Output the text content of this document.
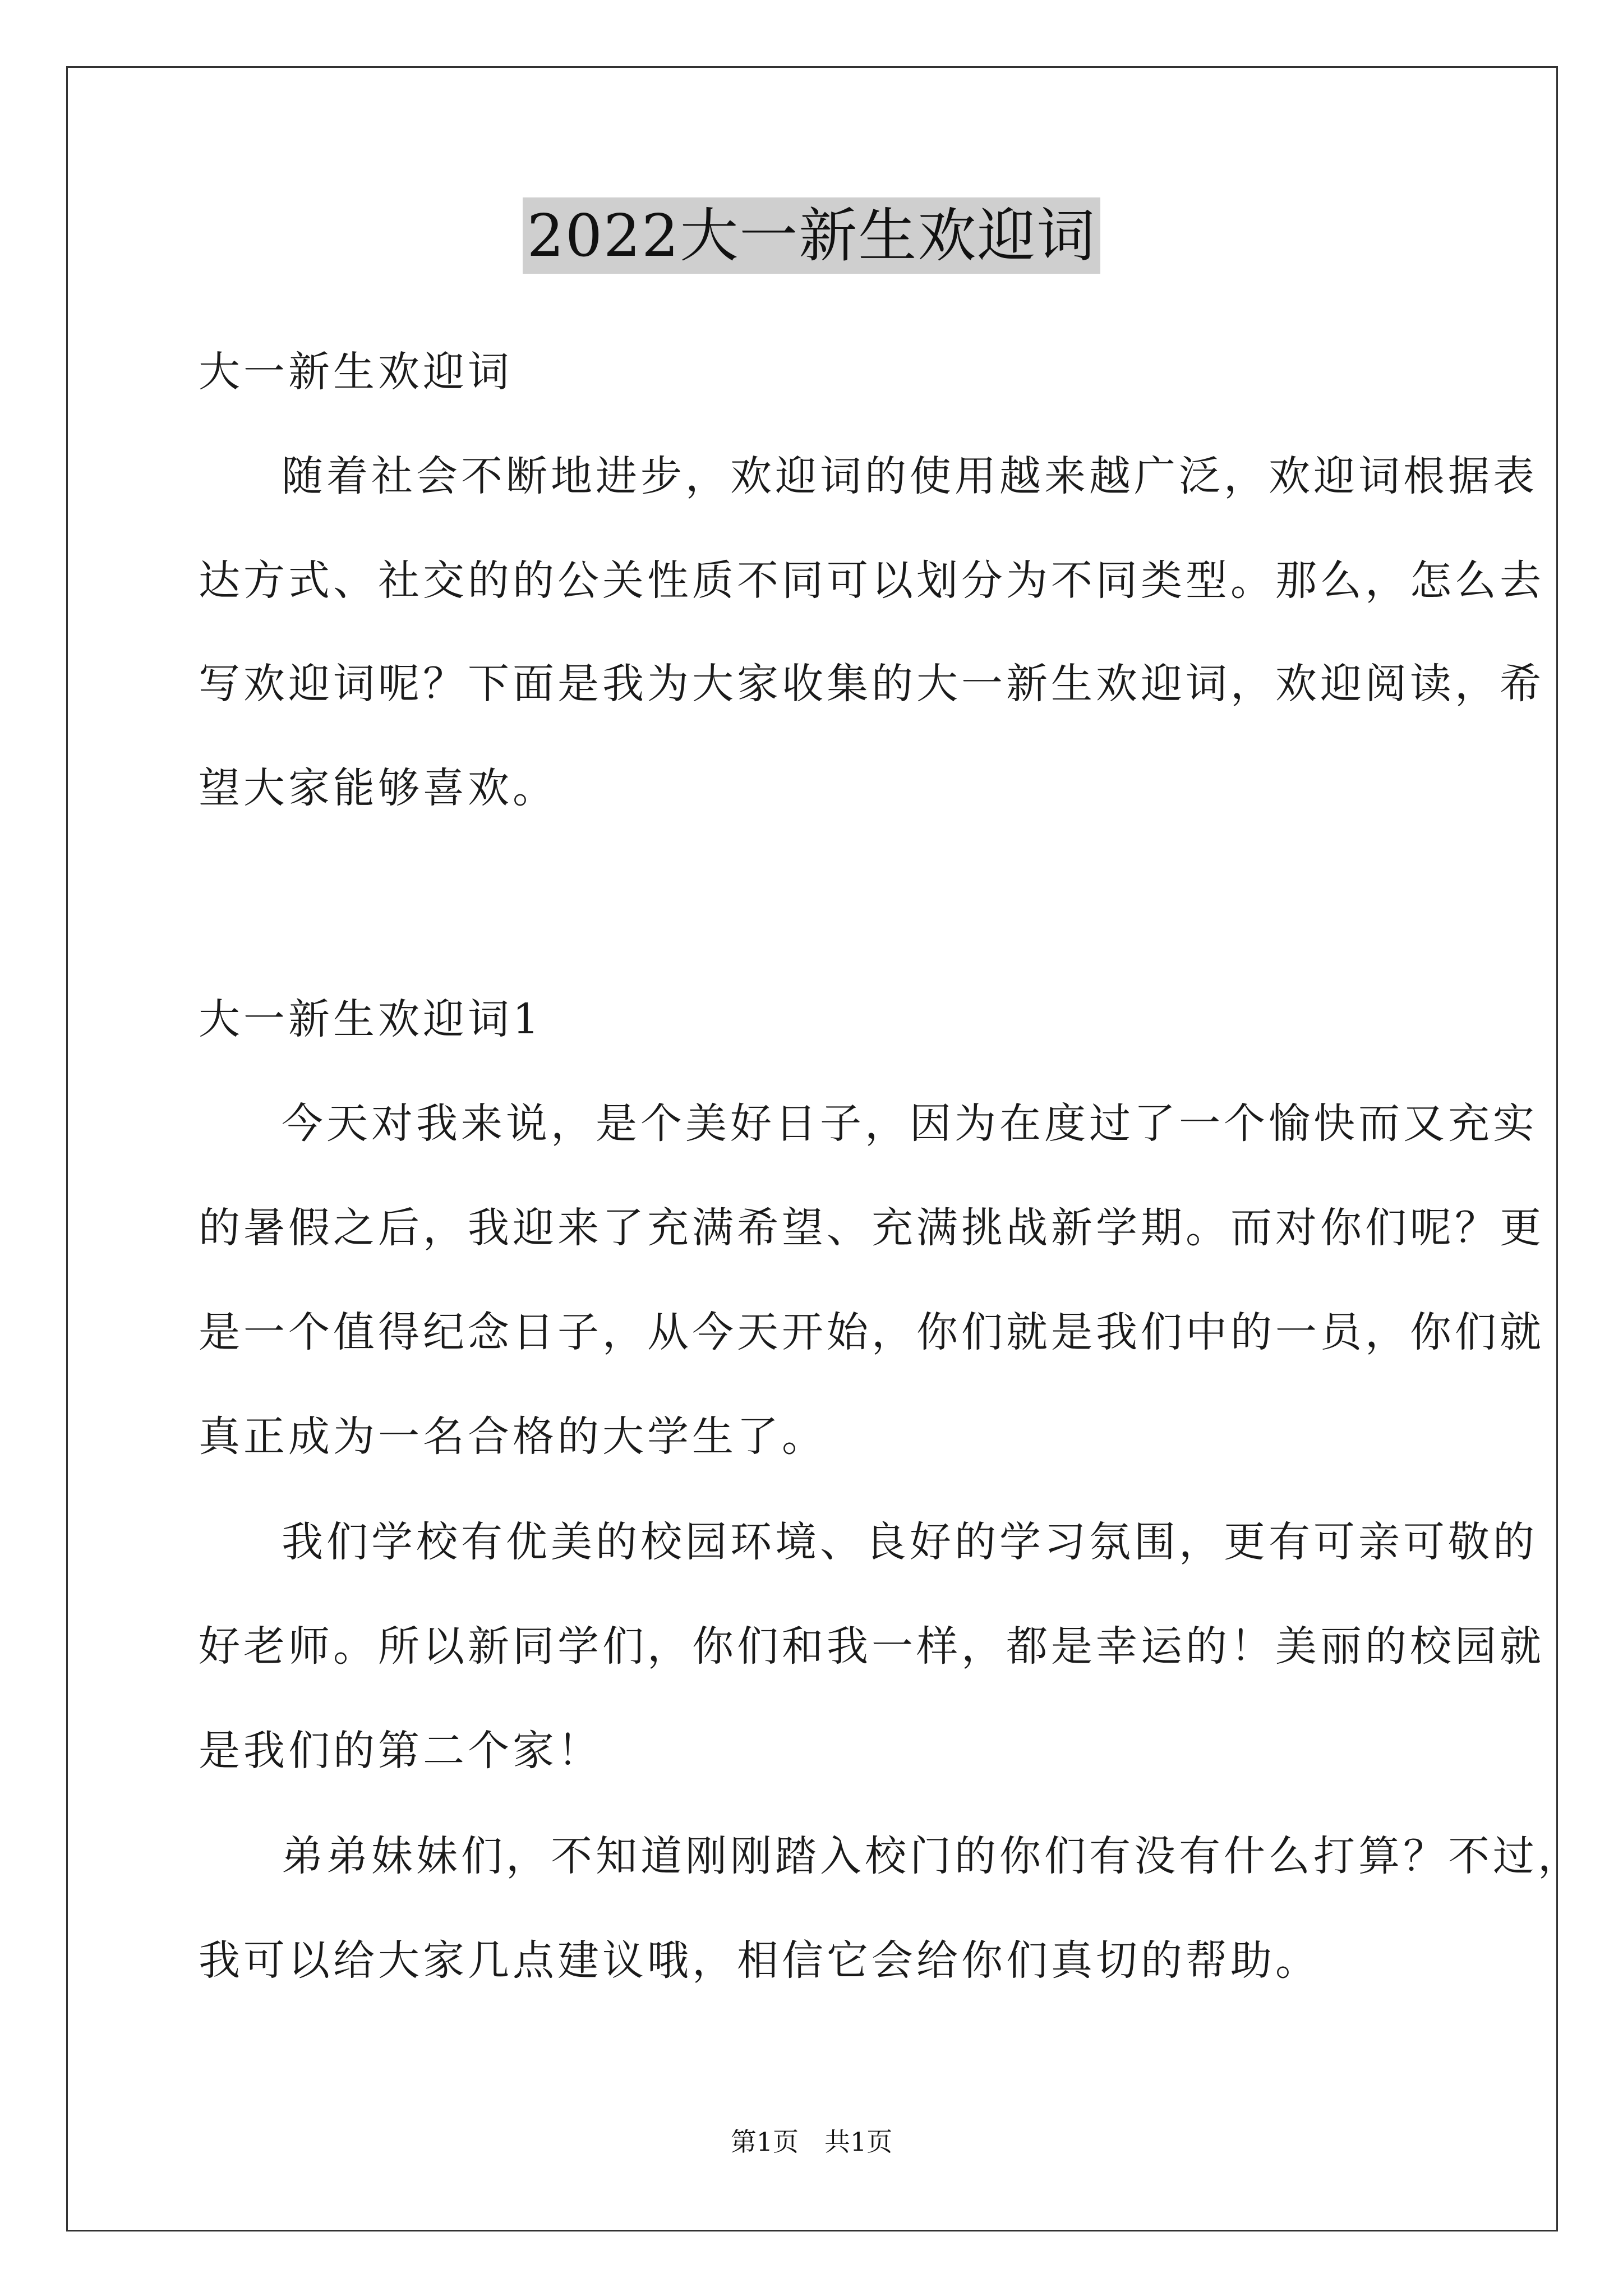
2022大一新生欢迎词
大一新生欢迎词
随着社会不断地进步，欢迎词的使用越来越广泛，欢迎词根据表
达方式、社交的的公关性质不同可以划分为不同类型。那么，怎么去
写欢迎词呢？下面是我为大家收集的大一新生欢迎词，欢迎阅读，希
望大家能够喜欢。
大一新生欢迎词1
今天对我来说，是个美好日子，因为在度过了一个愉快而又充实
的暑假之后，我迎来了充满希望、充满挑战新学期。而对你们呢？更
是一个值得纪念日子，从今天开始，你们就是我们中的一员，你们就
真正成为一名合格的大学生了。
我们学校有优美的校园环境、良好的学习氛围，更有可亲可敬的
好老师。所以新同学们，你们和我一样，都是幸运的！美丽的校园就
是我们的第二个家！
弟弟妹妹们，不知道刚刚踏入校门的你们有没有什么打算？不过，
我可以给大家几点建议哦，相信它会给你们真切的帮助。
第1页　共1页
